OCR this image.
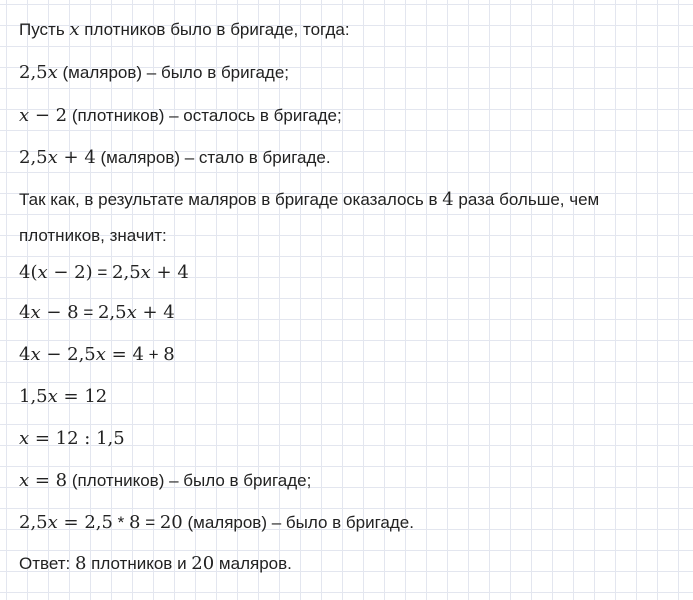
Пусть x плотников было в бригаде, тогда:
2,5x (маляров) – было в бригаде;
x − 2 (плотников) – осталось в бригаде;
2,5x + 4 (маляров) – стало в бригаде.
Так как, в результате маляров в бригаде оказалось в 4 раза больше, чем
плотников, значит:
4(x − 2) = 2,5x + 4
4x − 8 = 2,5x + 4
4x − 2,5x = 4 + 8
1,5x = 12
x = 12 : 1,5
x = 8 (плотников) – было в бригаде;
2,5x = 2,5 * 8 = 20 (маляров) – было в бригаде.
Ответ: 8 плотников и 20 маляров.
